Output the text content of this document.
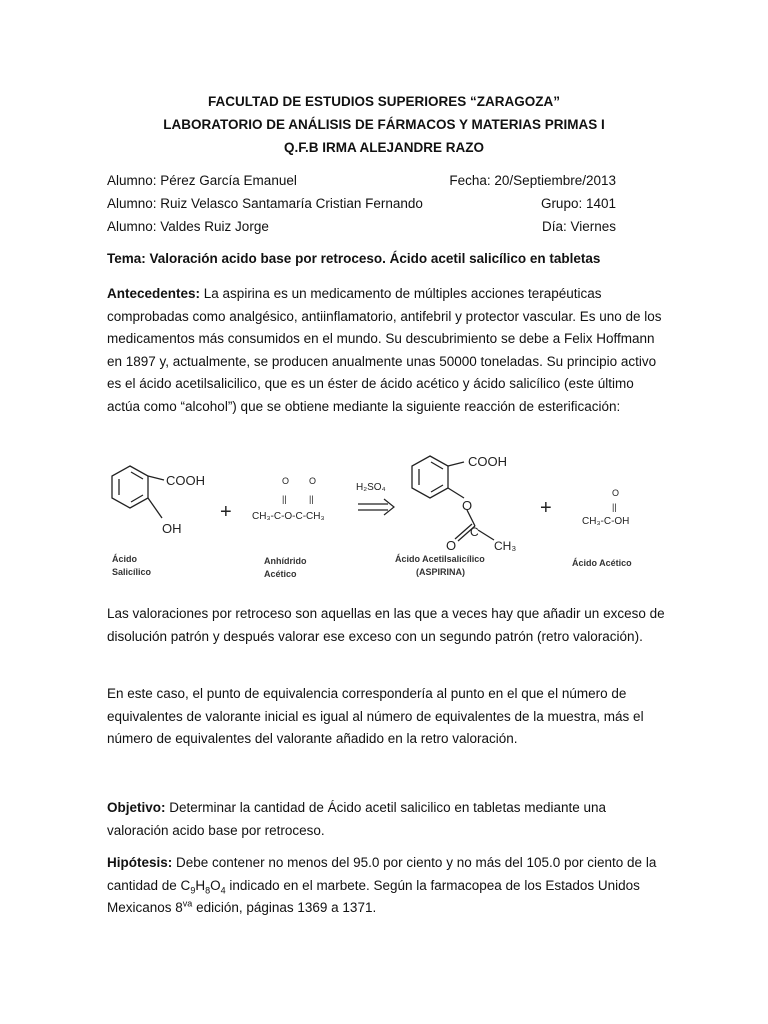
FACULTAD DE ESTUDIOS SUPERIORES “ZARAGOZA”
LABORATORIO DE ANÁLISIS DE FÁRMACOS Y MATERIAS PRIMAS I
Q.F.B IRMA ALEJANDRE RAZO
Alumno: Pérez García Emanuel
Alumno: Ruiz Velasco Santamaría Cristian Fernando
Alumno: Valdes Ruiz Jorge
Fecha: 20/Septiembre/2013
Grupo: 1401
Día: Viernes
Tema: Valoración acido base por retroceso. Ácido acetil salicílico en tabletas
Antecedentes: La aspirina es un medicamento de múltiples acciones terapéuticas comprobadas como analgésico, antiinflamatorio, antifebril y protector vascular. Es uno de los medicamentos más consumidos en el mundo. Su descubrimiento se debe a Felix Hoffmann en 1897 y, actualmente, se producen anualmente unas 50000 toneladas. Su principio activo es el ácido acetilsalicilico, que es un éster de ácido acético y ácido salicílico (este último actúa como “alcohol”) que se obtiene mediante la siguiente reacción de esterificación:
COOH
OH
+
O O
|| ||
CH₃-C-O-C-CH₃
H₂SO₄
COOH
O
C
O	CH₃
+
O
||
CH₃-C-OH
Ácido
Salicílico
Anhídrido
Acético
Ácido Acetilsalicílico
(ASPIRINA)
Ácido Acético
Las valoraciones por retroceso son aquellas en las que a veces hay que añadir un exceso de disolución patrón y después valorar ese exceso con un segundo patrón (retro valoración).
En este caso, el punto de equivalencia correspondería al punto en el que el número de equivalentes de valorante inicial es igual al número de equivalentes de la muestra, más el número de equivalentes del valorante añadido en la retro valoración.
Objetivo: Determinar la cantidad de Ácido acetil salicilico en tabletas mediante una valoración acido base por retroceso.
Hipótesis: Debe contener no menos del 95.0 por ciento y no más del 105.0 por ciento de la cantidad de $C_9H_8O_4$ indicado en el marbete. Según la farmacopea de los Estados Unidos Mexicanos $8^{va}$ edición, páginas 1369 a 1371.
